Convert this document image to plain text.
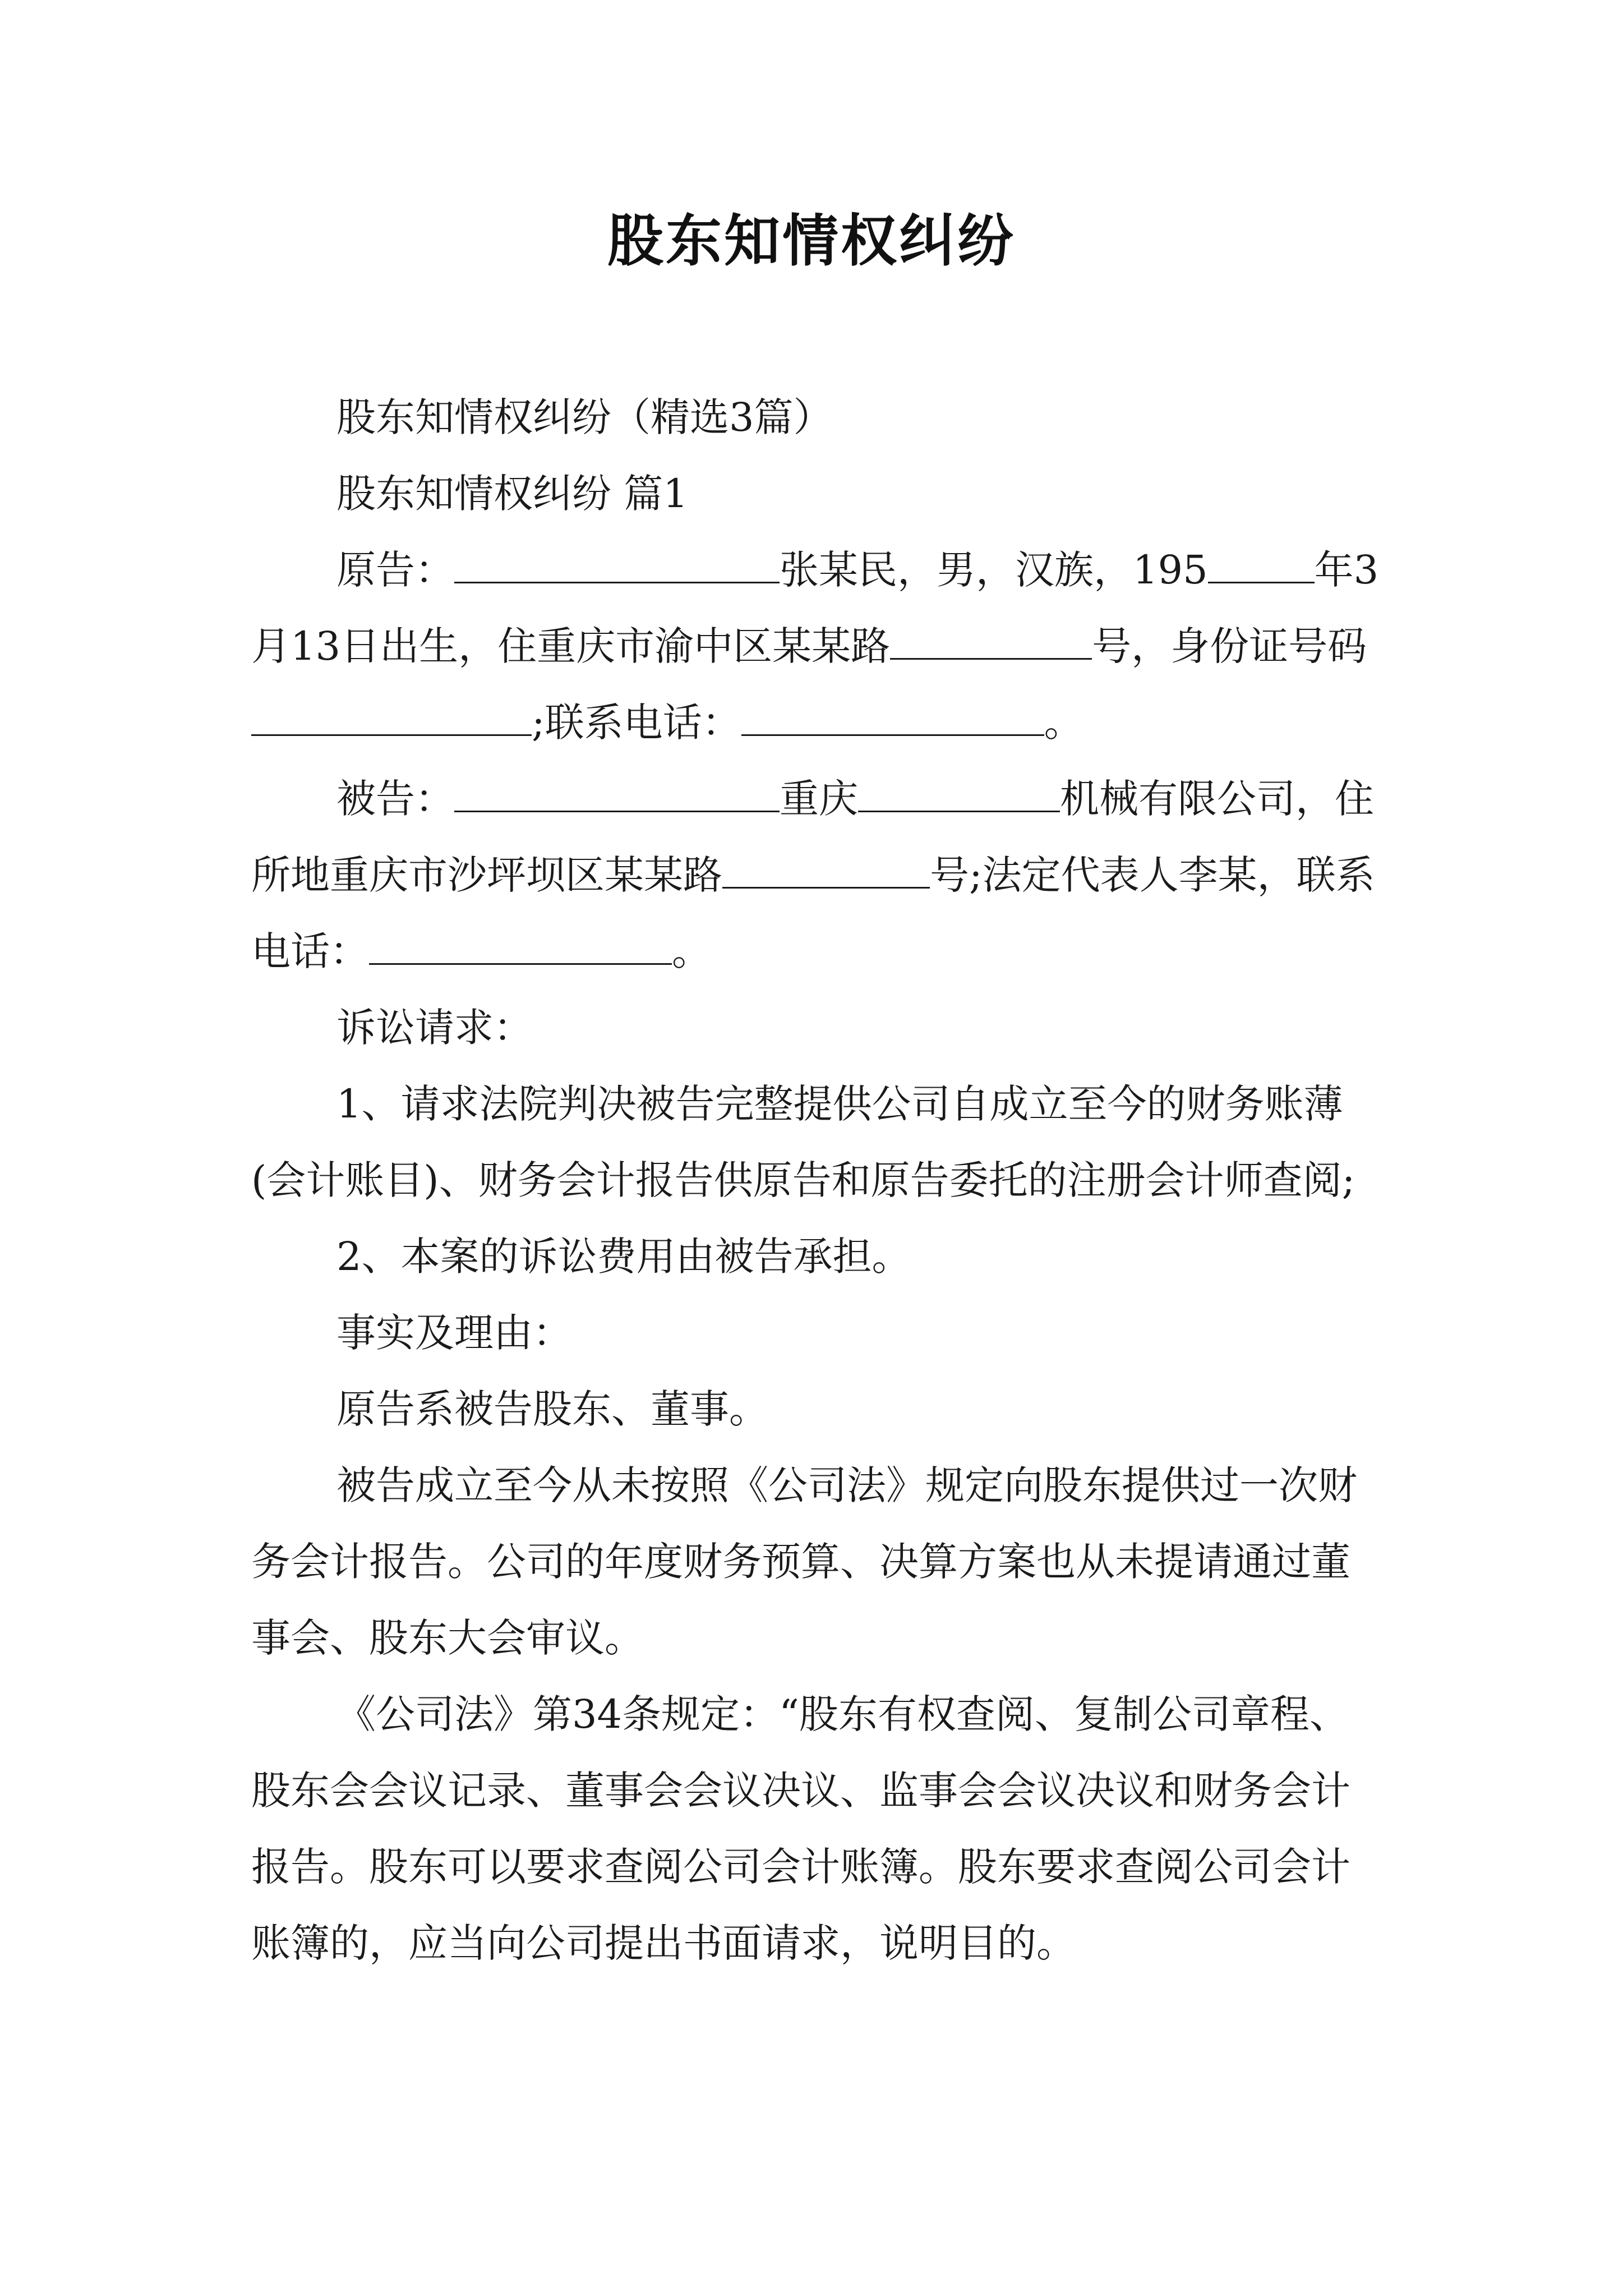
股东知情权纠纷

股东知情权纠纷（精选3篇）

股东知情权纠纷 篇1

原告：	张某民，男，汉族，195	年3月13日出生，住重庆市渝中区某某路	号，身份证号码;联系电话：	。

被告：	重庆	机械有限公司，住所地重庆市沙坪坝区某某路	号;法定代表人李某，联系电话：	。

诉讼请求：

1、请求法院判决被告完整提供公司自成立至今的财务账薄(会计账目)、财务会计报告供原告和原告委托的注册会计师查阅;

2、本案的诉讼费用由被告承担。

事实及理由：

原告系被告股东、董事。

被告成立至今从未按照《公司法》规定向股东提供过一次财务会计报告。公司的年度财务预算、决算方案也从未提请通过董事会、股东大会审议。

《公司法》第34条规定：“股东有权查阅、复制公司章程、股东会会议记录、董事会会议决议、监事会会议决议和财务会计报告。股东可以要求查阅公司会计账簿。股东要求查阅公司会计账簿的，应当向公司提出书面请求，说明目的。
